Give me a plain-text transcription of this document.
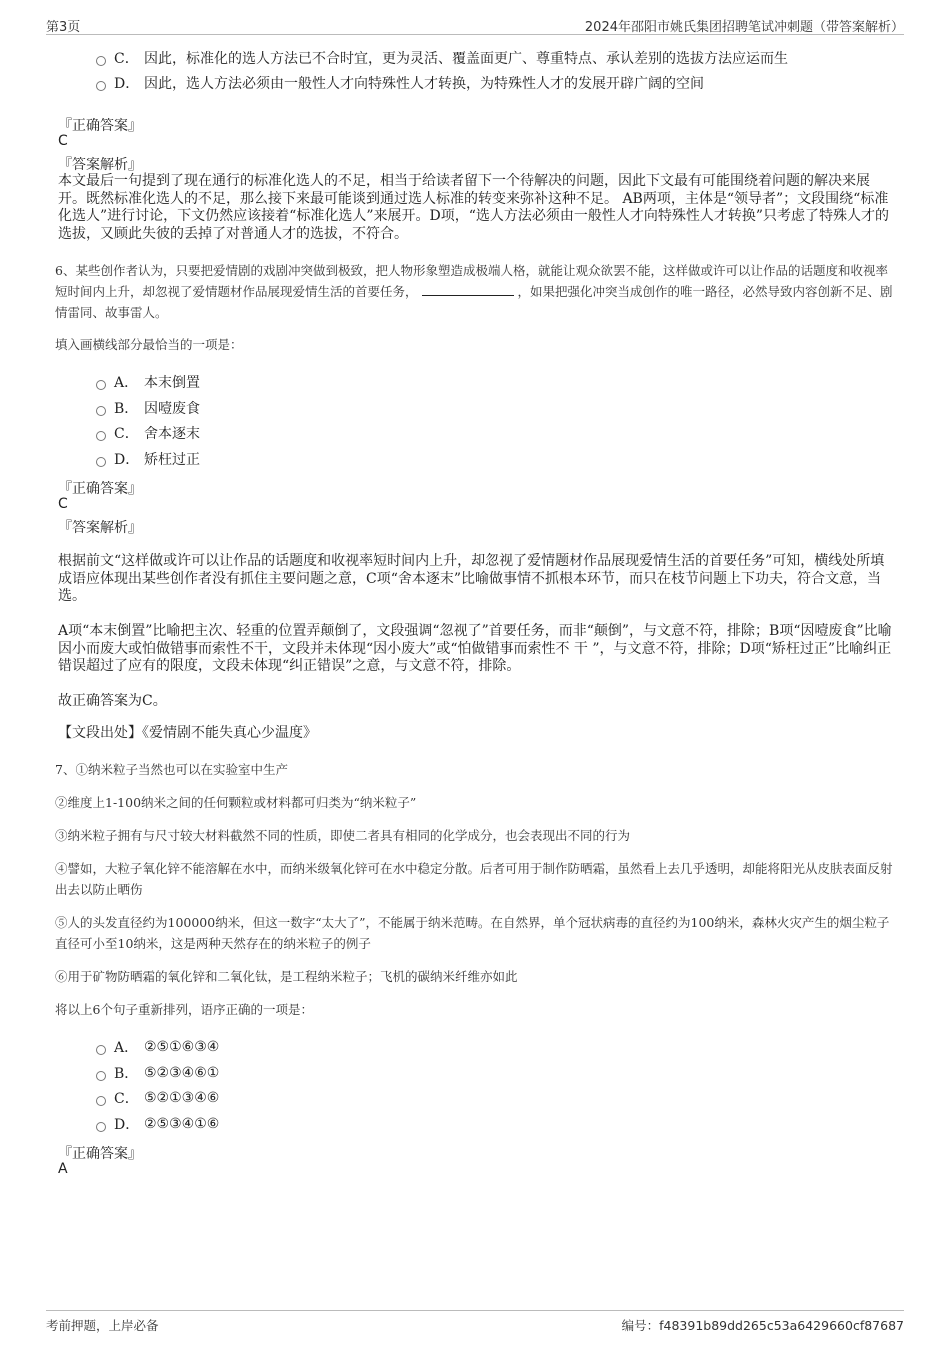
第3页	2024年邵阳市姚氏集团招聘笔试冲刺题（带答案解析）
C． 因此，标准化的选人方法已不合时宜，更为灵活、覆盖面更广、尊重特点、承认差别的选拔方法应运而生
D． 因此，选人方法必须由一般性人才向特殊性人才转换，为特殊性人才的发展开辟广阔的空间
『正确答案』
C
『答案解析』
本文最后一句提到了现在通行的标准化选人的不足，相当于给读者留下一个待解决的问题，因此下文最有可能围绕着问题的解决来展开。既然标准化选人的不足，那么接下来最可能谈到通过选人标准的转变来弥补这种不足。 AB两项，主体是“领导者”；文段围绕“标准化选人”进行讨论，下文仍然应该接着“标准化选人”来展开。D项，“选人方法必须由一般性人才向特殊性人才转换”只考虑了特殊人才的选拔，又顾此失彼的丢掉了对普通人才的选拔，不符合。
6、某些创作者认为，只要把爱情剧的戏剧冲突做到极致，把人物形象塑造成极端人格，就能让观众欲罢不能，这样做或许可以让作品的话题度和收视率短时间内上升，却忽视了爱情题材作品展现爱情生活的首要任务，	，如果把强化冲突当成创作的唯一路径，必然导致内容创新不足、剧情雷同、故事雷人。
填入画横线部分最恰当的一项是：
A． 本末倒置
B． 因噎废食
C． 舍本逐末
D． 矫枉过正
『正确答案』
C
『答案解析』
根据前文“这样做或许可以让作品的话题度和收视率短时间内上升，却忽视了爱情题材作品展现爱情生活的首要任务”可知，横线处所填成语应体现出某些创作者没有抓住主要问题之意，C项“舍本逐末”比喻做事情不抓根本环节，而只在枝节问题上下功夫，符合文意，当选。
A项“本末倒置”比喻把主次、轻重的位置弄颠倒了，文段强调“忽视了”首要任务，而非“颠倒”，与文意不符，排除；B项“因噎废食”比喻因小而废大或怕做错事而索性不干，文段并未体现“因小废大”或“怕做错事而索性不 干 ”，与文意不符，排除；D项“矫枉过正”比喻纠正错误超过了应有的限度，文段未体现“纠正错误”之意，与文意不符，排除。
故正确答案为C。
【文段出处】《爱情剧不能失真心少温度》
7、①纳米粒子当然也可以在实验室中生产
②维度上1-100纳米之间的任何颗粒或材料都可归类为“纳米粒子”
③纳米粒子拥有与尺寸较大材料截然不同的性质，即使二者具有相同的化学成分，也会表现出不同的行为
④譬如，大粒子氧化锌不能溶解在水中，而纳米级氧化锌可在水中稳定分散。后者可用于制作防晒霜，虽然看上去几乎透明，却能将阳光从皮肤表面反射出去以防止晒伤
⑤人的头发直径约为100000纳米，但这一数字“太大了”，不能属于纳米范畴。在自然界，单个冠状病毒的直径约为100纳米，森林火灾产生的烟尘粒子直径可小至10纳米，这是两种天然存在的纳米粒子的例子
⑥用于矿物防晒霜的氧化锌和二氧化钛，是工程纳米粒子；飞机的碳纳米纤维亦如此
将以上6个句子重新排列，语序正确的一项是：
A． ②⑤①⑥③④
B． ⑤②③④⑥①
C． ⑤②①③④⑥
D． ②⑤③④①⑥
『正确答案』
A
考前押题，上岸必备	编号：f48391b89dd265c53a6429660cf87687
